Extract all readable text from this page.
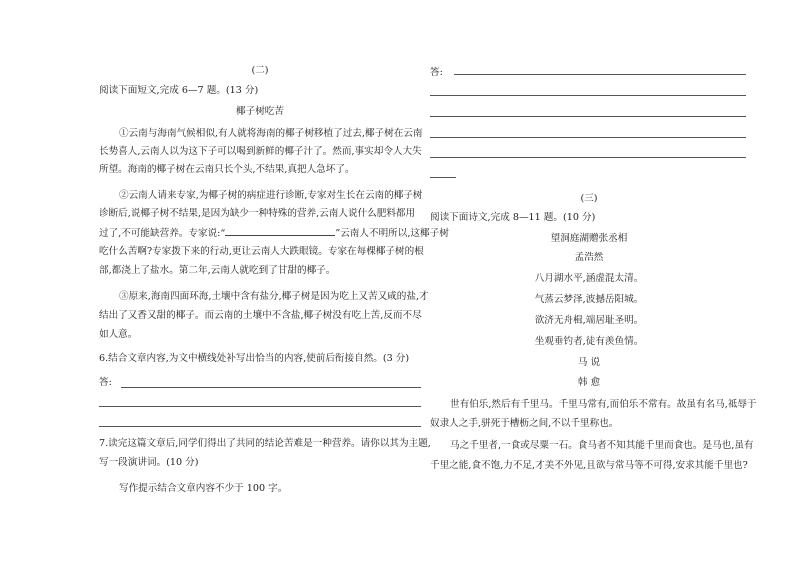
(二)
阅读下面短文,完成 6—7 题。(13 分)
椰子树吃苦
①云南与海南气候相似,有人就将海南的椰子树移植了过去,椰子树在云南
长势喜人,云南人以为这下子可以喝到新鲜的椰子汁了。然而,事实却令人大失
所望。海南的椰子树在云南只长个头,不结果,真把人急坏了。
②云南人请来专家,为椰子树的病症进行诊断,专家对生长在云南的椰子树
诊断后,说椰子树不结果,是因为缺少一种特殊的营养,云南人说什么肥料都用
过了,不可能缺营养。专家说:“	”云南人不明所以,这椰子树
吃什么苦啊?专家拨下来的行动,更让云南人大跌眼镜。专家在每棵椰子树的根
部,都浇上了盐水。第二年,云南人就吃到了甘甜的椰子。
③原来,海南四面环海,土壤中含有盐分,椰子树是因为吃上又苦又咸的盐,才
结出了又香又甜的椰子。而云南的土壤中不含盐,椰子树没有吃上苦,反而不尽
如人意。
6.结合文章内容,为文中横线处补写出恰当的内容,使前后衔接自然。(3 分)
答:
7.读完这篇文章后,同学们得出了共同的结论苦难是一种营养。请你以其为主题,
写一段演讲词。(10 分)
写作提示结合文章内容不少于 100 字。
答:
(三)
阅读下面诗文,完成 8—11 题。(10 分)
望洞庭湖赠张丞相
孟浩然
八月湖水平,涵虚混太清。
气蒸云梦泽,波撼岳阳城。
欲济无舟楫,端居耻圣明。
坐观垂钓者,徒有羡鱼情。
马 说
韩 愈
世有伯乐,然后有千里马。千里马常有,而伯乐不常有。故虽有名马,祗辱于
奴隶人之手,骈死于槽枥之间,不以千里称也。
马之千里者,一食或尽粟一石。食马者不知其能千里而食也。是马也,虽有
千里之能,食不饱,力不足,才美不外见,且欲与常马等不可得,安求其能千里也?
